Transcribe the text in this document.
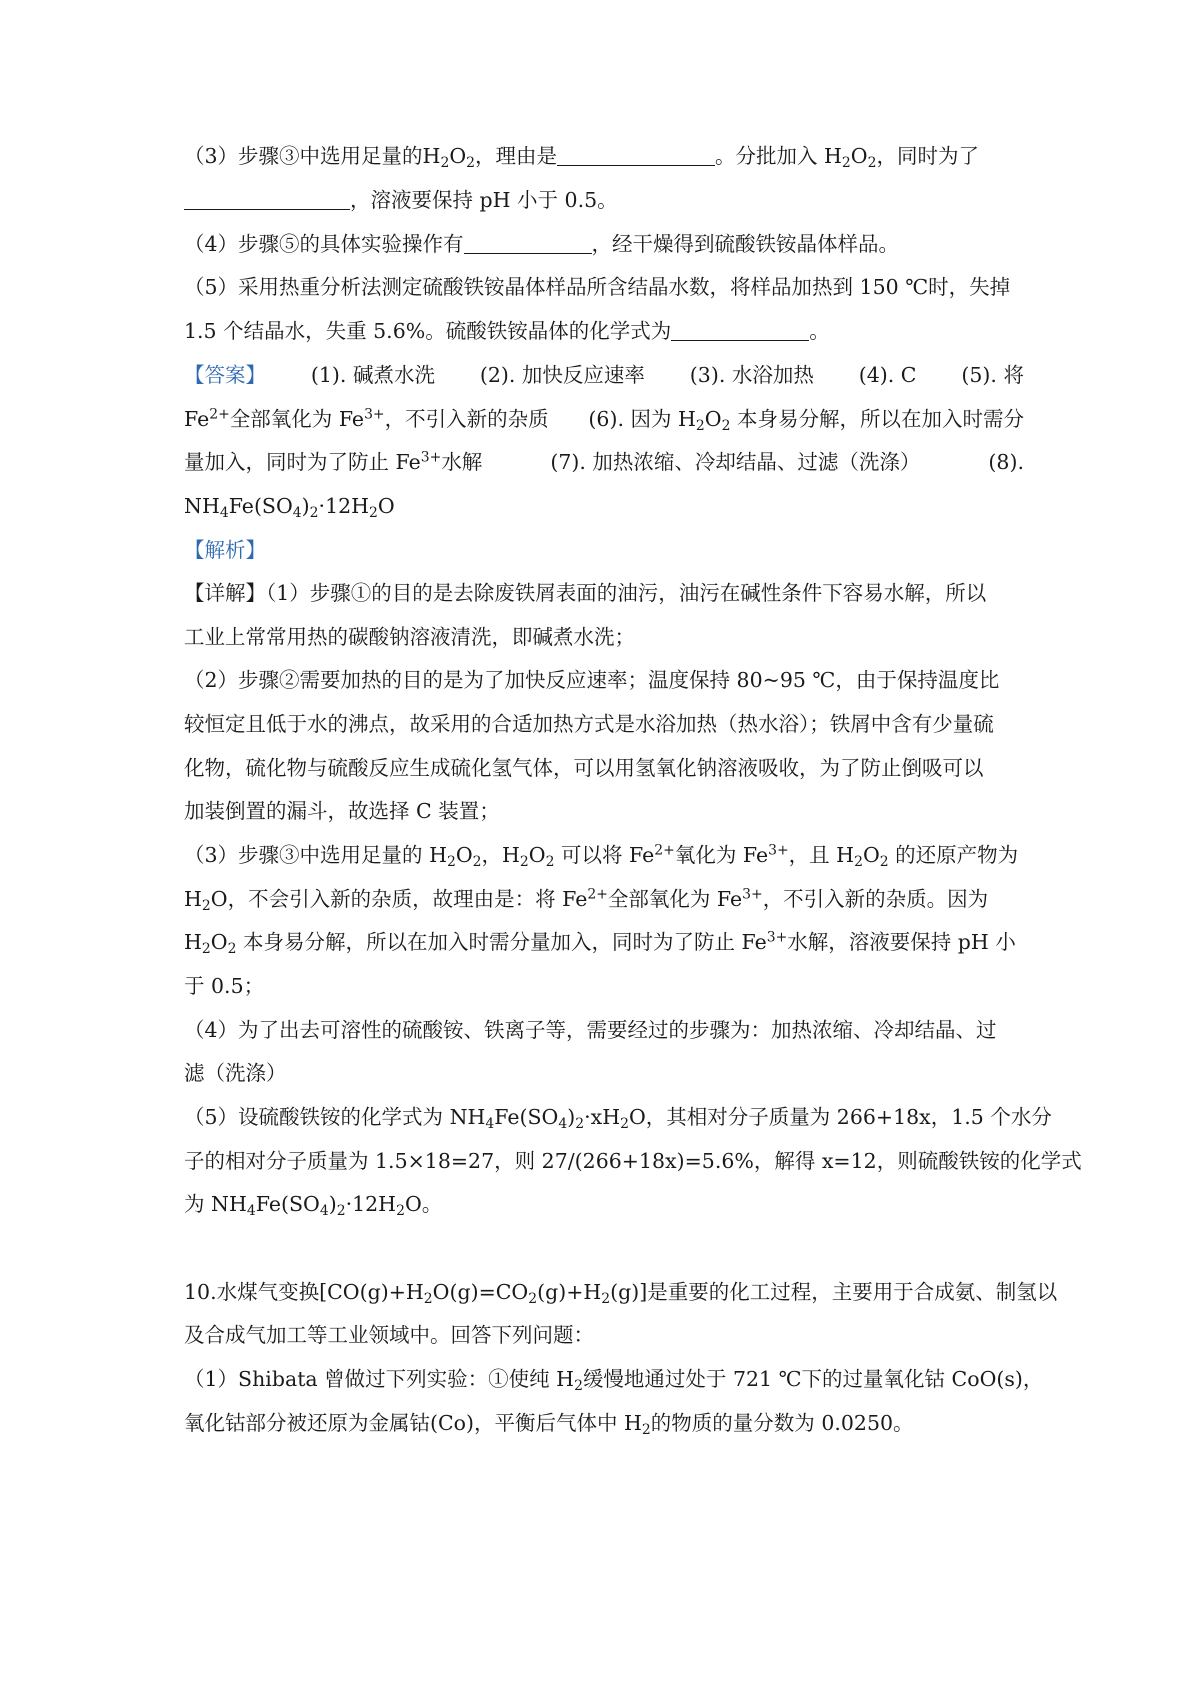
（3）步骤③中选用足量的$H_2O_2$，理由是	。分批加入 $H_2O_2$，同时为了
，溶液要保持 pH 小于 0.5。
（4）步骤⑤的具体实验操作有	，经干燥得到硫酸铁铵晶体样品。
（5）采用热重分析法测定硫酸铁铵晶体样品所含结晶水数，将样品加热到 150 ℃时，失掉
1.5 个结晶水，失重 5.6%。硫酸铁铵晶体的化学式为	。
【答案】 (1). 碱煮水洗 (2). 加快反应速率 (3). 水浴加热 (4). C (5). 将
$Fe^{2+}$全部氧化为 $Fe^{3+}$，不引入新的杂质 (6). 因为 $H_2O_2$ 本身易分解，所以在加入时需分
量加入，同时为了防止 $Fe^{3+}$水解	(7). 加热浓缩、冷却结晶、过滤（洗涤）	(8).
$NH_4Fe(SO_4)_2\cdot 12H_2O$
【解析】
【详解】（1）步骤①的目的是去除废铁屑表面的油污，油污在碱性条件下容易水解，所以
工业上常常用热的碳酸钠溶液清洗，即碱煮水洗；
（2）步骤②需要加热的目的是为了加快反应速率；温度保持 80~95 ℃，由于保持温度比
较恒定且低于水的沸点，故采用的合适加热方式是水浴加热（热水浴）；铁屑中含有少量硫
化物，硫化物与硫酸反应生成硫化氢气体，可以用氢氧化钠溶液吸收，为了防止倒吸可以
加装倒置的漏斗，故选择 C 装置；
（3）步骤③中选用足量的 $H_2O_2$，$H_2O_2$ 可以将 $Fe^{2+}$氧化为 $Fe^{3+}$，且 $H_2O_2$ 的还原产物为
$H_2O$，不会引入新的杂质，故理由是：将 $Fe^{2+}$全部氧化为 $Fe^{3+}$，不引入新的杂质。因为
$H_2O_2$ 本身易分解，所以在加入时需分量加入，同时为了防止 $Fe^{3+}$水解，溶液要保持 pH 小
于 0.5；
（4）为了出去可溶性的硫酸铵、铁离子等，需要经过的步骤为：加热浓缩、冷却结晶、过
滤（洗涤）
（5）设硫酸铁铵的化学式为 $NH_4Fe(SO_4)_2\cdot xH_2O$，其相对分子质量为 266+18x，1.5 个水分
子的相对分子质量为 1.5×18=27，则 27/(266+18x)=5.6%，解得 x=12，则硫酸铁铵的化学式
为 $NH_4Fe(SO_4)_2\cdot 12H_2O$。
10.水煤气变换$[CO(g)+H_2O(g)=CO_2(g)+H_2(g)]$是重要的化工过程，主要用于合成氨、制氢以
及合成气加工等工业领域中。回答下列问题：
（1）Shibata 曾做过下列实验：①使纯 $H_2$缓慢地通过处于 721 ℃下的过量氧化钴 CoO(s)，
氧化钴部分被还原为金属钴(Co)，平衡后气体中 $H_2$的物质的量分数为 0.0250。
